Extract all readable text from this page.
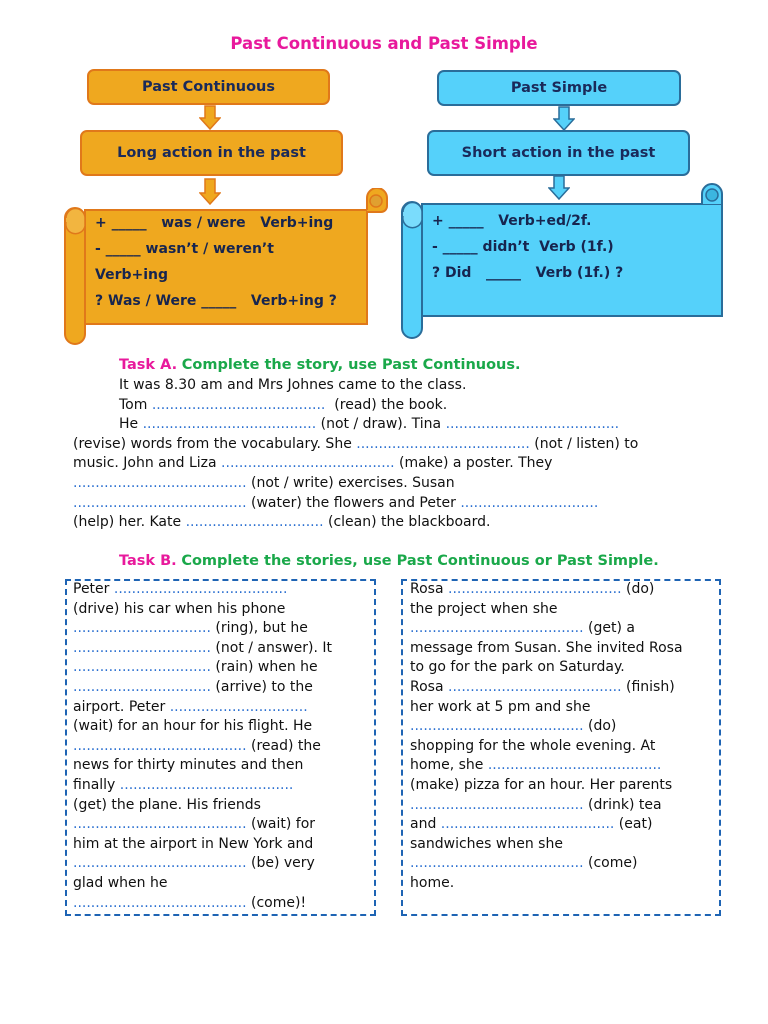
Past Continuous and Past Simple
Past Continuous
Long action in the past
+ _____   was / were   Verb+ing
- _____ wasn’t / weren’t
Verb+ing
? Was / Were _____   Verb+ing ?
Past Simple
Short action in the past
+ _____   Verb+ed/2f.
- _____ didn’t  Verb (1f.)
? Did   _____   Verb (1f.) ?
Task A. Complete the story, use Past Continuous.
It was 8.30 am and Mrs Johnes came to the class.
Tom .......................................  (read) the book.
He ....................................... (not / draw). Tina .......................................
(revise) words from the vocabulary. She ....................................... (not / listen) to
music. John and Liza ....................................... (make) a poster. They
....................................... (not / write) exercises. Susan
....................................... (water) the flowers and Peter ...............................
(help) her. Kate ............................... (clean) the blackboard.
Task B. Complete the stories, use Past Continuous or Past Simple.
Peter .......................................
(drive) his car when his phone
............................... (ring), but he
............................... (not / answer). It
............................... (rain) when he
............................... (arrive) to the
airport. Peter ...............................
(wait) for an hour for his flight. He
....................................... (read) the
news for thirty minutes and then
finally .......................................
(get) the plane. His friends
....................................... (wait) for
him at the airport in New York and
....................................... (be) very
glad when he
....................................... (come)!
Rosa ....................................... (do)
the project when she
....................................... (get) a
message from Susan. She invited Rosa
to go for the park on Saturday.
Rosa ....................................... (finish)
her work at 5 pm and she
....................................... (do)
shopping for the whole evening. At
home, she .......................................
(make) pizza for an hour. Her parents
....................................... (drink) tea
and ....................................... (eat)
sandwiches when she
....................................... (come)
home.
